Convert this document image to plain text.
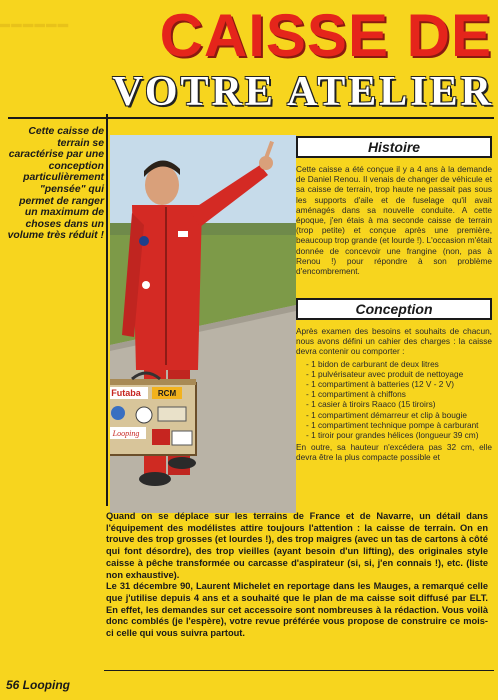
━━━━━━	CAISSE DE
VOTRE ATELIER
Cette caisse de terrain se caractérise par une conception particulièrement "pensée" qui permet de ranger un maximum de choses dans un volume très réduit !
Futaba RCM
Looping
Histoire

Cette caisse a été conçue il y a 4 ans à la demande de Daniel Renou. Il venais de changer de véhicule et sa caisse de terrain, trop haute ne passait pas sous les supports d'aile et de fuselage qu'il avait aménagés dans sa nouvelle conduite. A cette époque, j'en étais à ma seconde caisse de terrain (trop petite) et conçue après une première, beaucoup trop grande (et lourde !). L'occasion m'était donnée de concevoir une frangine (non, pas à Renou !) pour répondre à son problème d'encombrement.

Conception

Après examen des besoins et souhaits de chacun, nous avons défini un cahier des charges : la caisse devra contenir ou comporter :

- 1 bidon de carburant de deux litres
- 1 pulvérisateur avec produit de nettoyage
- 1 compartiment à batteries (12 V - 2 V)
- 1 compartiment à chiffons
- 1 casier à tiroirs Raaco (15 tiroirs)
- 1 compartiment démarreur et clip à bougie
- 1 compartiment technique pompe à carburant
- 1 tiroir pour grandes hélices (longueur 39 cm)

En outre, sa hauteur n'excédera pas 32 cm, elle devra être la plus compacte possible et

Quand on se déplace sur les terrains de France et de Navarre, un détail dans l'équipement des modélistes attire toujours l'attention : la caisse de terrain. On en trouve des trop grosses (et lourdes !), des trop maigres (avec un tas de cartons à côté qui font désordre), des trop vieilles (ayant besoin d'un lifting), des originales style caisse à pêche transformée ou carcasse d'aspirateur (si, si, j'en connais !), etc. (liste non exhaustive).

Le 31 décembre 90, Laurent Michelet en reportage dans les Mauges, a remarqué celle que j'utilise depuis 4 ans et a souhaité que le plan de ma caisse soit diffusé par ELT. En effet, les demandes sur cet accessoire sont nombreuses à la rédaction. Vous voilà donc comblés (je l'espère), votre revue préférée vous propose de construire ce mois-ci celle qui vous suivra partout.

56 Looping
